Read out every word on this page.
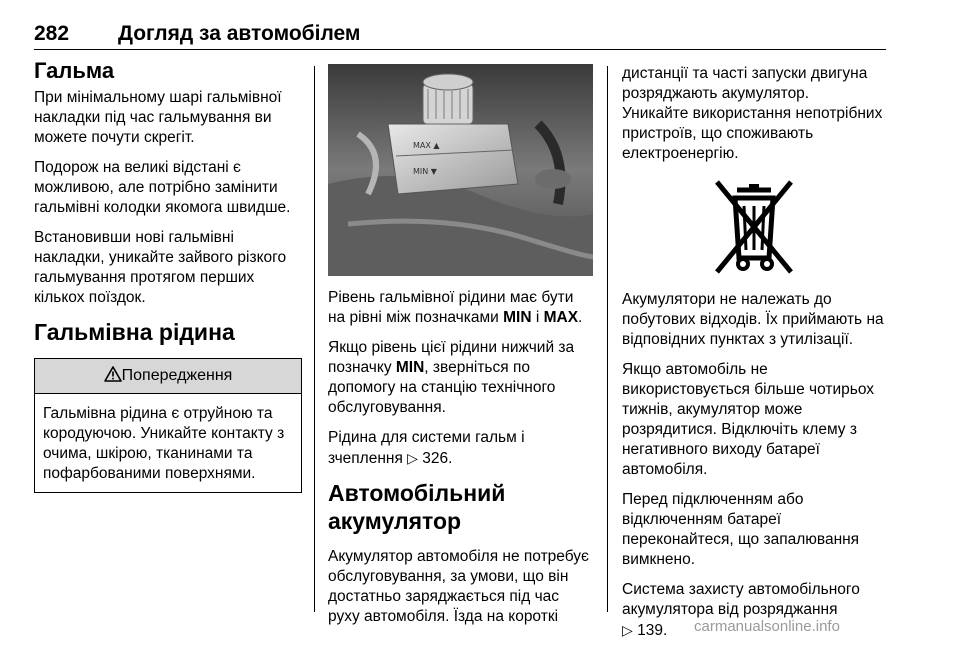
282 Догляд за автомобілем
Гальма

При мінімальному шарі гальмівної накладки під час гальмування ви можете почути скрегіт.

Подорож на великі відстані є можливою, але потрібно замінити гальмівні колодки якомога швидше.

Встановивши нові гальмівні накладки, уникайте зайвого різкого гальмування протягом перших кількох поїздок.

Гальмівна рідина
Попередження
Гальмівна рідина є отруйною та кородуючою. Уникайте контакту з очима, шкірою, тканинами та пофарбованими поверхнями.
MAX ▲
MIN ▼

Рівень гальмівної рідини має бути на рівні між позначками MIN і MAX.

Якщо рівень цієї рідини нижчий за позначку MIN, зверніться по допомогу на станцію технічного обслуговування.

Рідина для системи гальм і зчеплення ▷ 326.

Автомобільний акумулятор

Акумулятор автомобіля не потребує обслуговування, за умови, що він достатньо заряджається під час руху автомобіля. Їзда на короткі

дистанції та часті запуски двигуна розряджають акумулятор.

Уникайте використання непотрібних пристроїв, що споживають електроенергію.

Акумулятори не належать до побутових відходів. Їх приймають на відповідних пунктах з утилізації.

Якщо автомобіль не використовується більше чотирьох тижнів, акумулятор може розрядитися. Відключіть клему з негативного виходу батареї автомобіля.

Перед підключенням або відключенням батареї переконайтеся, що запалювання вимкнено.

Система захисту автомобільного акумулятора від розряджання
▷ 139.	carmanualsonline.info
